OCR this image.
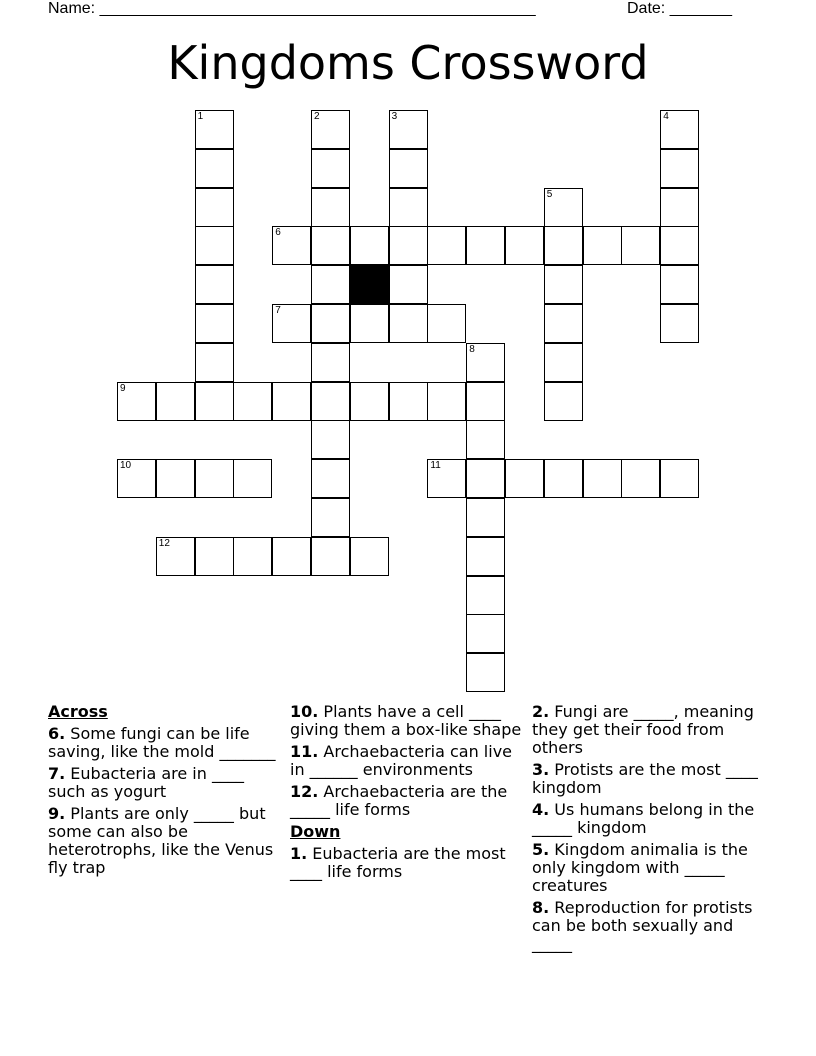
Name: _________________________________________________	Date: _______
Kingdoms Crossword
1	2	3	4
5
6
7
8
9
10	11
12
Across
6. Some fungi can be life saving, like the mold _______
7. Eubacteria are in ____ such as yogurt
9. Plants are only _____ but some can also be heterotrophs, like the Venus fly trap
10. Plants have a cell ____ giving them a box-like shape
11. Archaebacteria can live in ______ environments
12. Archaebacteria are the _____ life forms
Down
1. Eubacteria are the most ____ life forms
2. Fungi are _____, meaning they get their food from others
3. Protists are the most ____ kingdom
4. Us humans belong in the _____ kingdom
5. Kingdom animalia is the only kingdom with _____ creatures
8. Reproduction for protists can be both sexually and _____
